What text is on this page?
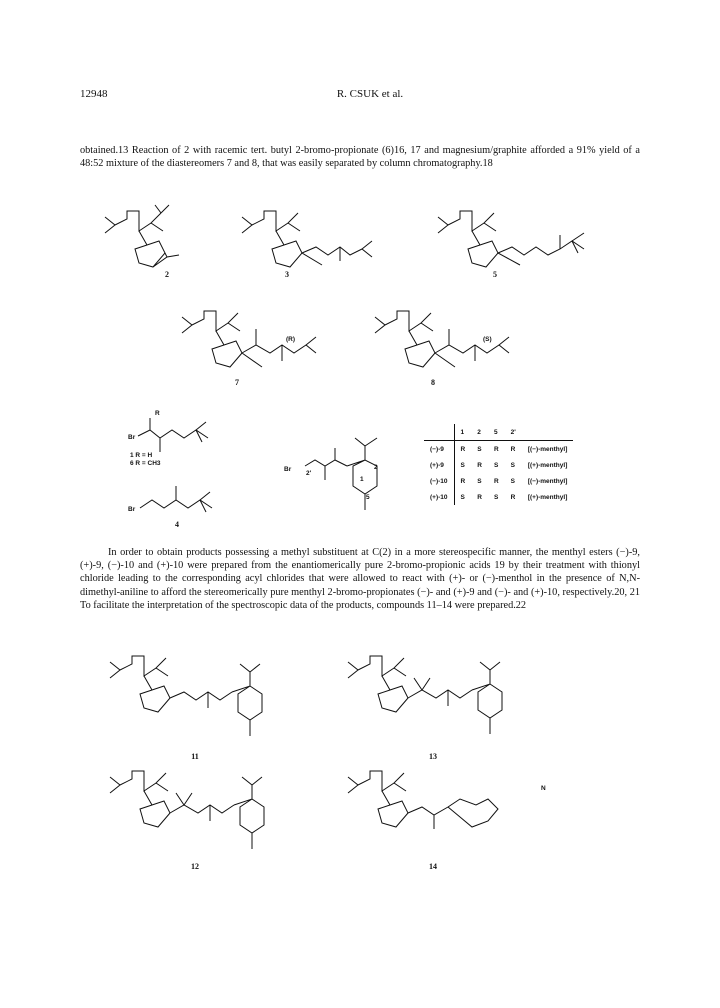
12948	R. CSUK et al.
obtained.13 Reaction of 2 with racemic tert. butyl 2-bromo-propionate (6)16, 17 and magnesium/graphite afforded a 91% yield of a 48:52 mixture of the diastereomers 7 and 8, that was easily separated by column chromatography.18
(R)	(S)
R
Br
1 R = H
6 R = CH3
Br
Br
2'
1
2
5
N
2	3	5
7	8
4
11	13
12	14
	1	2	5	2'	
(−)-9	R	S	R	R	[(−)-menthyl]
(+)-9	S	R	S	S	[(+)-menthyl]
(−)-10	R	S	R	S	[(−)-menthyl]
(+)-10	S	R	S	R	[(+)-menthyl]
In order to obtain products possessing a methyl substituent at C(2) in a more stereospecific manner, the menthyl esters (−)-9, (+)-9, (−)-10 and (+)-10 were prepared from the enantiomerically pure 2-bromo-propionic acids 19 by their treatment with thionyl chloride leading to the corresponding acyl chlorides that were allowed to react with (+)- or (−)-menthol in the presence of N,N-dimethyl-aniline to afford the stereomerically pure menthyl 2-bromo-propionates (−)- and (+)-9 and (−)- and (+)-10, respectively.20, 21 To facilitate the interpretation of the spectroscopic data of the products, compounds 11–14 were prepared.22
